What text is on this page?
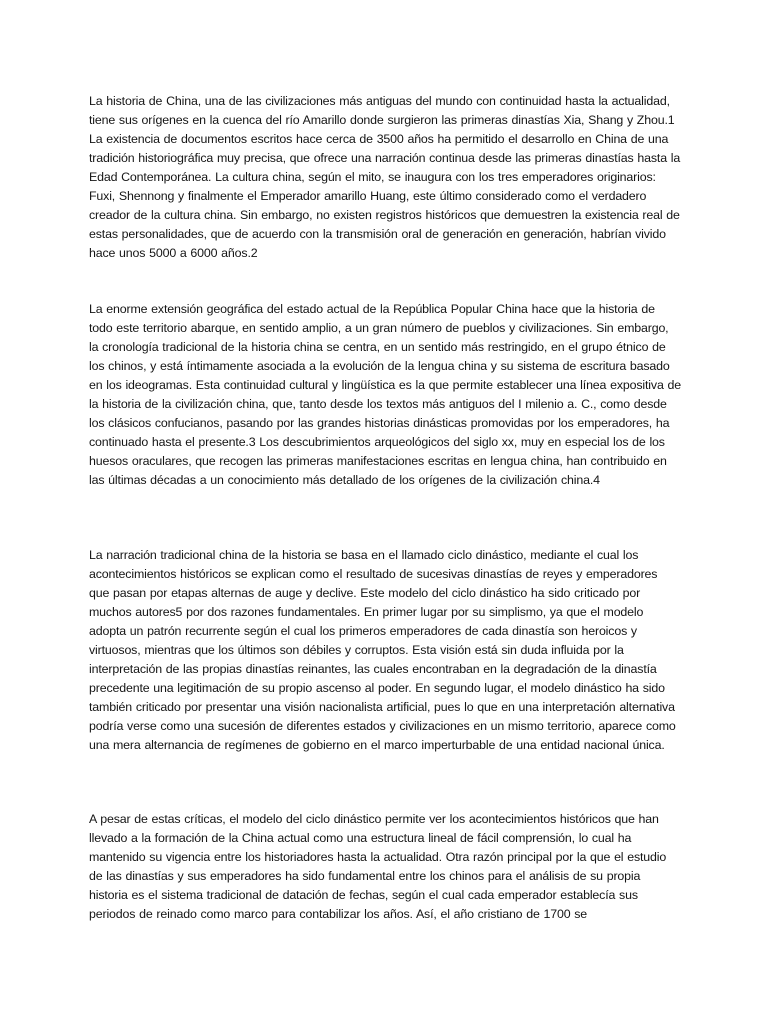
La historia de China, una de las civilizaciones más antiguas del mundo con continuidad hasta la actualidad, tiene sus orígenes en la cuenca del río Amarillo donde surgieron las primeras dinastías Xia, Shang y Zhou.1 La existencia de documentos escritos hace cerca de 3500 años ha permitido el desarrollo en China de una tradición historiográfica muy precisa, que ofrece una narración continua desde las primeras dinastías hasta la Edad Contemporánea. La cultura china, según el mito, se inaugura con los tres emperadores originarios: Fuxi, Shennong y finalmente el Emperador amarillo Huang, este último considerado como el verdadero creador de la cultura china. Sin embargo, no existen registros históricos que demuestren la existencia real de estas personalidades, que de acuerdo con la transmisión oral de generación en generación, habrían vivido hace unos 5000 a 6000 años.2

La enorme extensión geográfica del estado actual de la República Popular China hace que la historia de todo este territorio abarque, en sentido amplio, a un gran número de pueblos y civilizaciones. Sin embargo, la cronología tradicional de la historia china se centra, en un sentido más restringido, en el grupo étnico de los chinos, y está íntimamente asociada a la evolución de la lengua china y su sistema de escritura basado en los ideogramas. Esta continuidad cultural y lingüística es la que permite establecer una línea expositiva de la historia de la civilización china, que, tanto desde los textos más antiguos del I milenio a. C., como desde los clásicos confucianos, pasando por las grandes historias dinásticas promovidas por los emperadores, ha continuado hasta el presente.3 Los descubrimientos arqueológicos del siglo xx, muy en especial los de los huesos oraculares, que recogen las primeras manifestaciones escritas en lengua china, han contribuido en las últimas décadas a un conocimiento más detallado de los orígenes de la civilización china.4

La narración tradicional china de la historia se basa en el llamado ciclo dinástico, mediante el cual los acontecimientos históricos se explican como el resultado de sucesivas dinastías de reyes y emperadores que pasan por etapas alternas de auge y declive. Este modelo del ciclo dinástico ha sido criticado por muchos autores5 por dos razones fundamentales. En primer lugar por su simplismo, ya que el modelo adopta un patrón recurrente según el cual los primeros emperadores de cada dinastía son heroicos y virtuosos, mientras que los últimos son débiles y corruptos. Esta visión está sin duda influida por la interpretación de las propias dinastías reinantes, las cuales encontraban en la degradación de la dinastía precedente una legitimación de su propio ascenso al poder. En segundo lugar, el modelo dinástico ha sido también criticado por presentar una visión nacionalista artificial, pues lo que en una interpretación alternativa podría verse como una sucesión de diferentes estados y civilizaciones en un mismo territorio, aparece como una mera alternancia de regímenes de gobierno en el marco imperturbable de una entidad nacional única.

A pesar de estas críticas, el modelo del ciclo dinástico permite ver los acontecimientos históricos que han llevado a la formación de la China actual como una estructura lineal de fácil comprensión, lo cual ha mantenido su vigencia entre los historiadores hasta la actualidad. Otra razón principal por la que el estudio de las dinastías y sus emperadores ha sido fundamental entre los chinos para el análisis de su propia historia es el sistema tradicional de datación de fechas, según el cual cada emperador establecía sus periodos de reinado como marco para contabilizar los años. Así, el año cristiano de 1700 se
